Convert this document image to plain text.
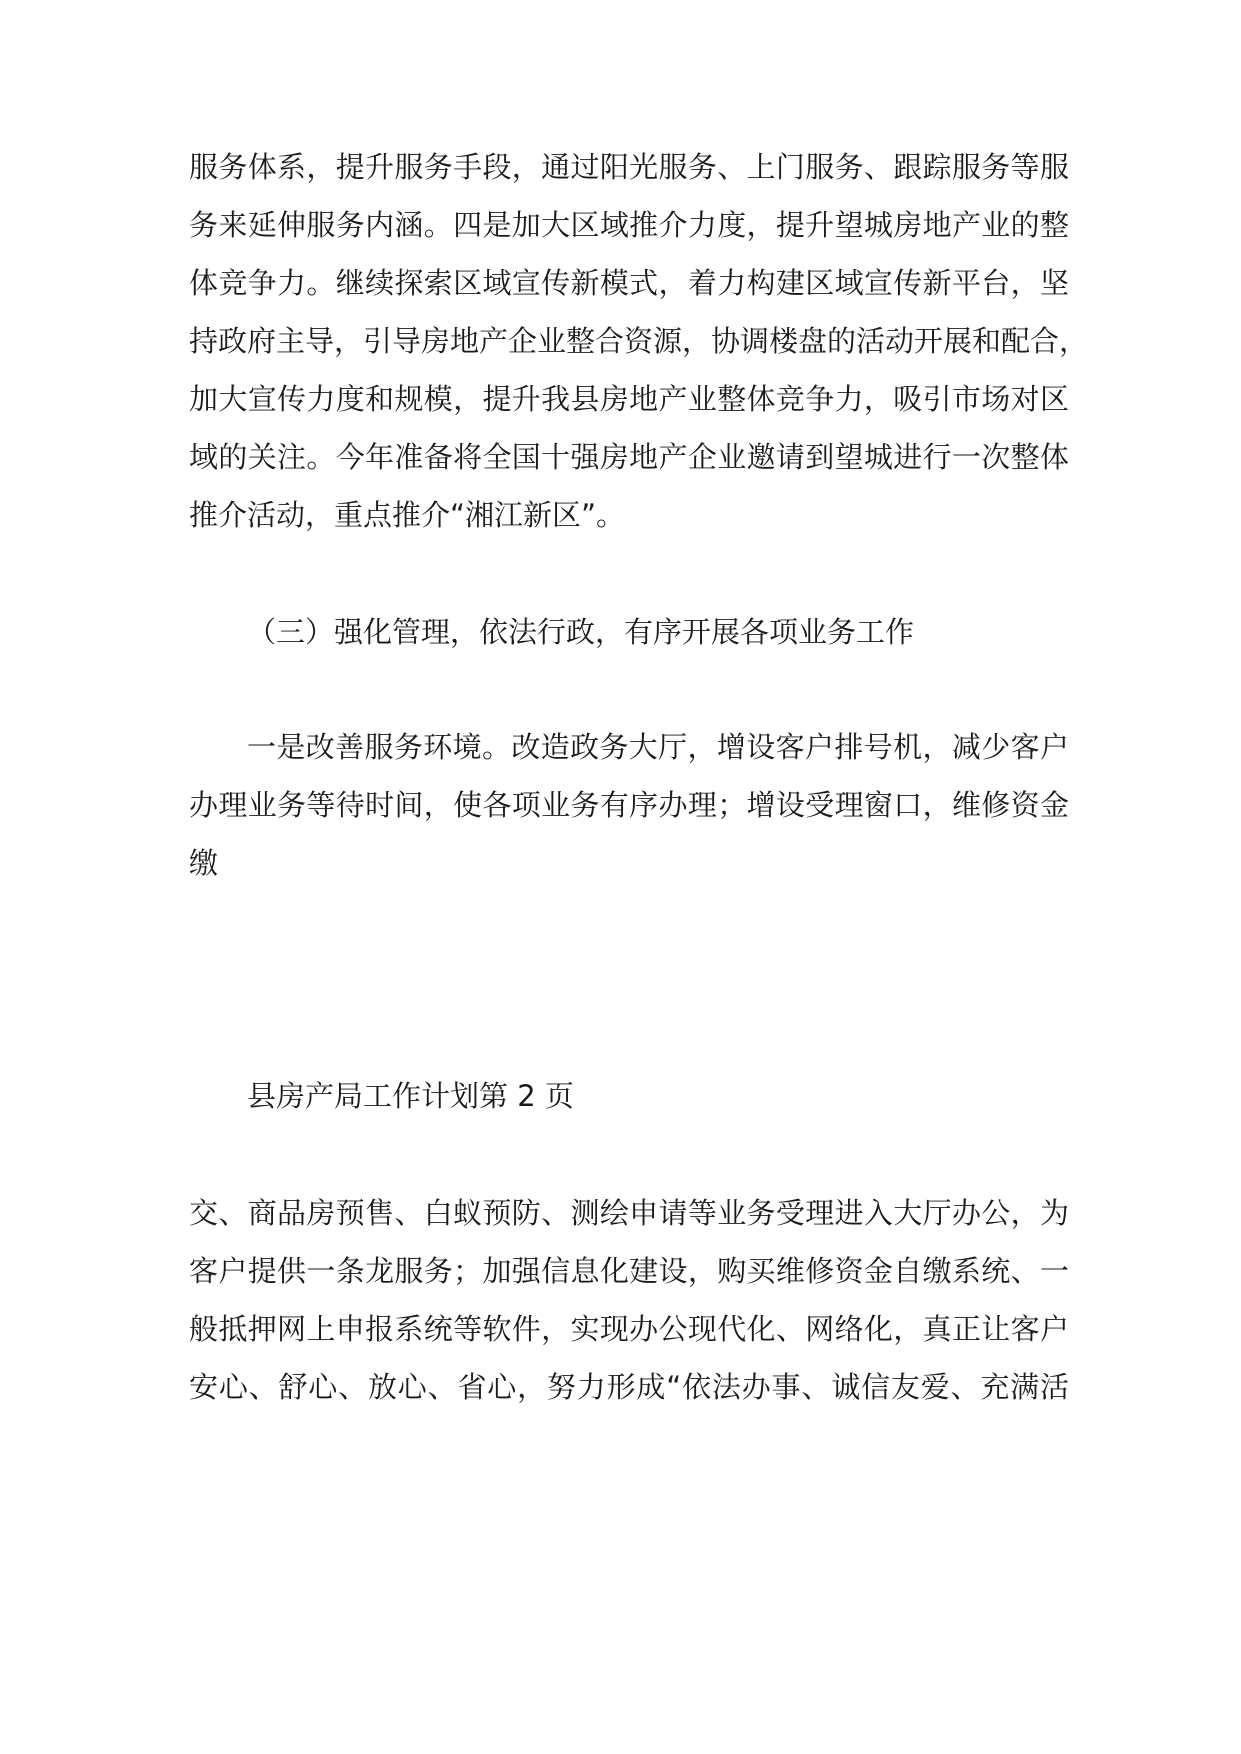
服务体系，提升服务手段，通过阳光服务、上门服务、跟踪服务等服
务来延伸服务内涵。四是加大区域推介力度，提升望城房地产业的整
体竞争力。继续探索区域宣传新模式，着力构建区域宣传新平台，坚
持政府主导，引导房地产企业整合资源，协调楼盘的活动开展和配合，
加大宣传力度和规模，提升我县房地产业整体竞争力，吸引市场对区
域的关注。今年准备将全国十强房地产企业邀请到望城进行一次整体
推介活动，重点推介“湘江新区”。
（三）强化管理，依法行政，有序开展各项业务工作
一是改善服务环境。改造政务大厅，增设客户排号机，减少客户
办理业务等待时间，使各项业务有序办理；增设受理窗口，维修资金
缴
县房产局工作计划第 2 页
交、商品房预售、白蚁预防、测绘申请等业务受理进入大厅办公，为
客户提供一条龙服务；加强信息化建设，购买维修资金自缴系统、一
般抵押网上申报系统等软件，实现办公现代化、网络化，真正让客户
安心、舒心、放心、省心，努力形成“依法办事、诚信友爱、充满活
